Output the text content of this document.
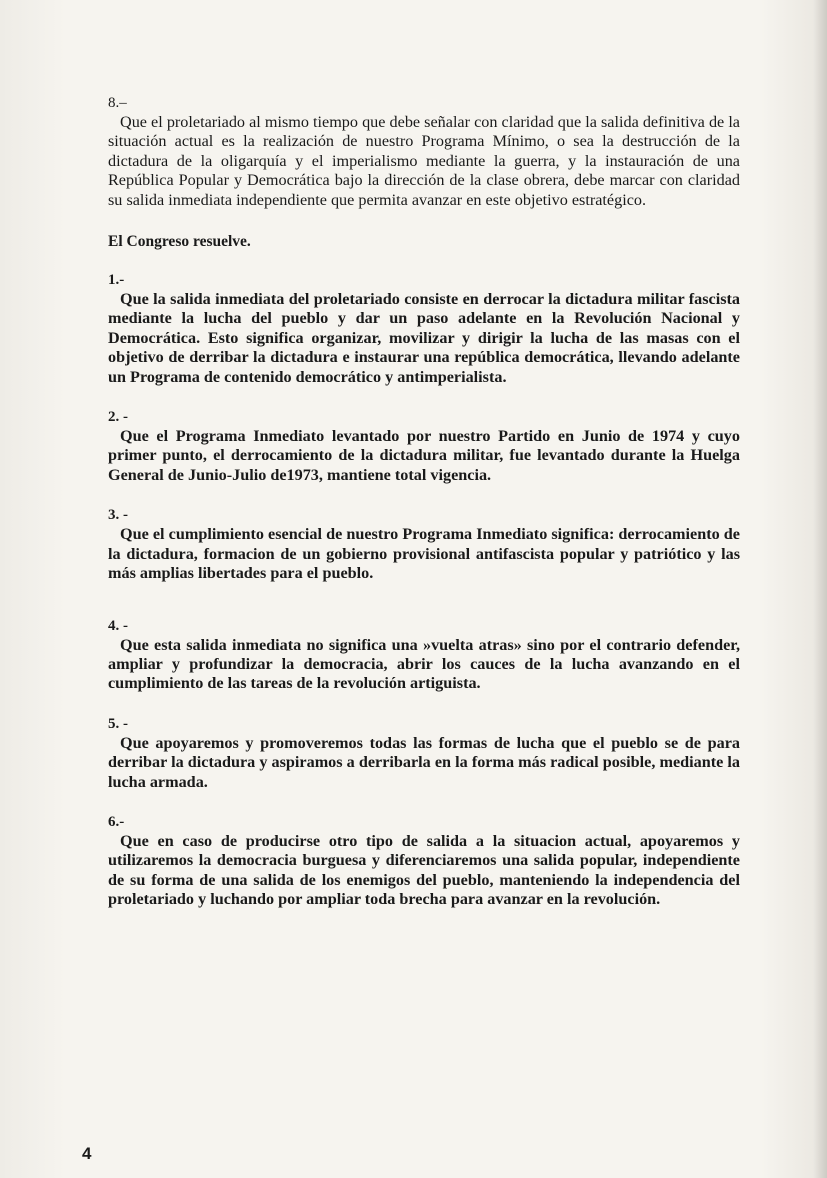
8.–

Que el proletariado al mismo tiempo que debe señalar con claridad que la salida definitiva de la situación actual es la realización de nuestro Programa Mínimo, o sea la destrucción de la dictadura de la oligarquía y el imperialismo mediante la guerra, y la instauración de una República Popular y Democrática bajo la dirección de la clase obrera, debe marcar con claridad su salida inmediata independiente que permita avanzar en este objetivo estratégico.

El Congreso resuelve.

1.-

Que la salida inmediata del proletariado consiste en derrocar la dictadura militar fascista mediante la lucha del pueblo y dar un paso adelante en la Revolución Nacional y Democrática. Esto significa organizar, movilizar y dirigir la lucha de las masas con el objetivo de derribar la dictadura e instaurar una república democrática, llevando adelante un Programa de contenido democrático y antimperialista.

2. -

Que el Programa Inmediato levantado por nuestro Partido en Junio de 1974 y cuyo primer punto, el derrocamiento de la dictadura militar, fue levantado durante la Huelga General de Junio-Julio de1973, mantiene total vigencia.

3. -

Que el cumplimiento esencial de nuestro Programa Inmediato significa: derrocamiento de la dictadura, formacion de un gobierno provisional antifascista popular y patriótico y las más amplias libertades para el pueblo.

4. -

Que esta salida inmediata no significa una »vuelta atras» sino por el contrario defender, ampliar y profundizar la democracia, abrir los cauces de la lucha avanzando en el cumplimiento de las tareas de la revolución artiguista.

5. -

Que apoyaremos y promoveremos todas las formas de lucha que el pueblo se de para derribar la dictadura y aspiramos a derribarla en la forma más radical posible, mediante la lucha armada.

6.-

Que en caso de producirse otro tipo de salida a la situacion actual, apoyaremos y utilizaremos la democracia burguesa y diferenciaremos una salida popular, independiente de su forma de una salida de los enemigos del pueblo, manteniendo la independencia del proletariado y luchando por ampliar toda brecha para avanzar en la revolución.

4
